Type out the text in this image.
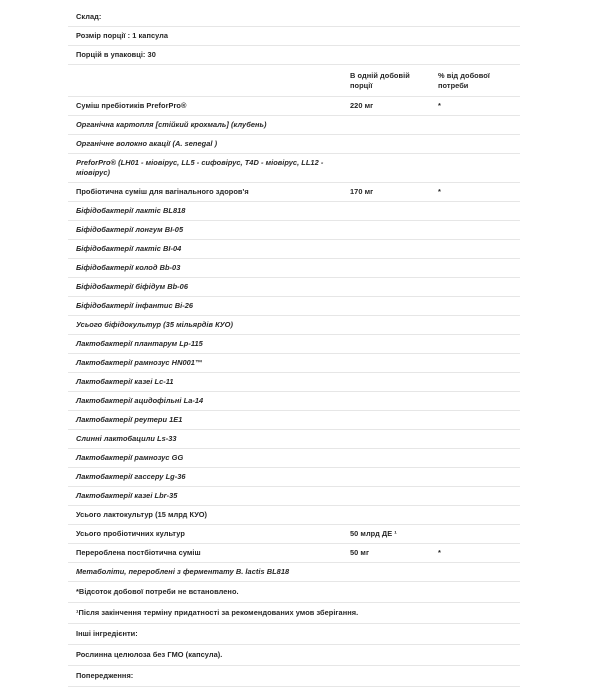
Склад:		
Розмір порції : 1 капсула		
Порцій в упаковці: 30		
	В одній добовій порції	% від добової потреби
Суміш пребіотиків PreforPro®	220 мг	*
Органічна картопля [стійкий крохмаль] (клубень)		
Органічне волокно акації (A. senegal )		
PreforPro® (LH01 - міовірус, LL5 - сифовірус, T4D - міовірус, LL12 - міовірус)		
Пробіотична суміш для вагінального здоров'я	170 мг	*
Біфідобактерії лактіс BL818		
Біфідобактерії лонгум BI-05		
Біфідобактерії лактіс BI-04		
Біфідобактерії колод Bb-03		
Біфідобактерії біфідум Bb-06		
Біфідобактерії інфантис Bi-26		
Усього біфідокультур (35 мільярдів КУО)		
Лактобактерії плантарум Lp-115		
Лактобактерії рамнозус HN001™		
Лактобактерії казеі Lc-11		
Лактобактерії ацидофільні La-14		
Лактобактерії реутери 1Е1		
Слинні лактобацили Ls-33		
Лактобактерії рамнозус GG		
Лактобактерії гассеру Lg-36		
Лактобактерії казеі Lbr-35		
Усього лактокультур (15 млрд КУО)		
Усього пробіотичних культур	50 млрд ДЕ ¹	
Перероблена постбіотична суміш	50 мг	*
Метаболіти, перероблені з ферментату B. lactis BL818		
*Відсоток добової потреби не встановлено.		
¹Після закінчення терміну придатності за рекомендованих умов зберігання.		
Інші інгредієнти:		
Рослинна целюлоза без ГМО (капсула).		
Попередження:		
